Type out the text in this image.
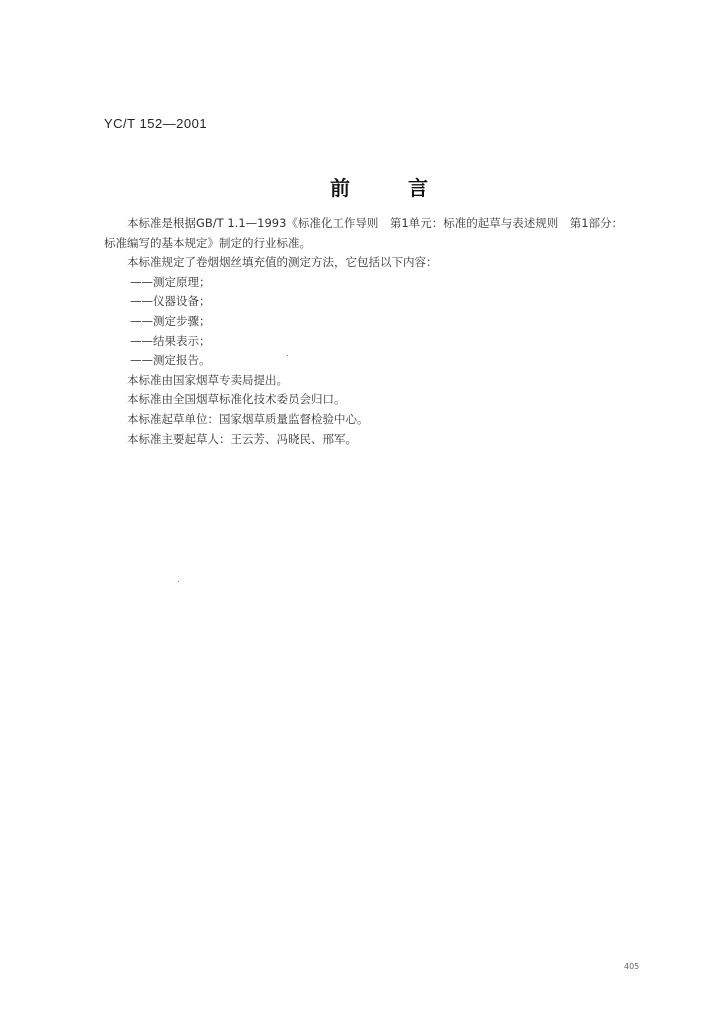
YC/T 152—2001
前	言
本标准是根据GB/T 1.1—1993《标准化工作导则　第1单元：标准的起草与表述规则　第1部分：
标准编写的基本规定》制定的行业标准。
本标准规定了卷烟烟丝填充值的测定方法，它包括以下内容：
——测定原理；
——仪器设备；
——测定步骤；
——结果表示；
——测定报告。
本标准由国家烟草专卖局提出。
本标准由全国烟草标准化技术委员会归口。
本标准起草单位：国家烟草质量监督检验中心。
本标准主要起草人：王云芳、冯晓民、邢军。
405
